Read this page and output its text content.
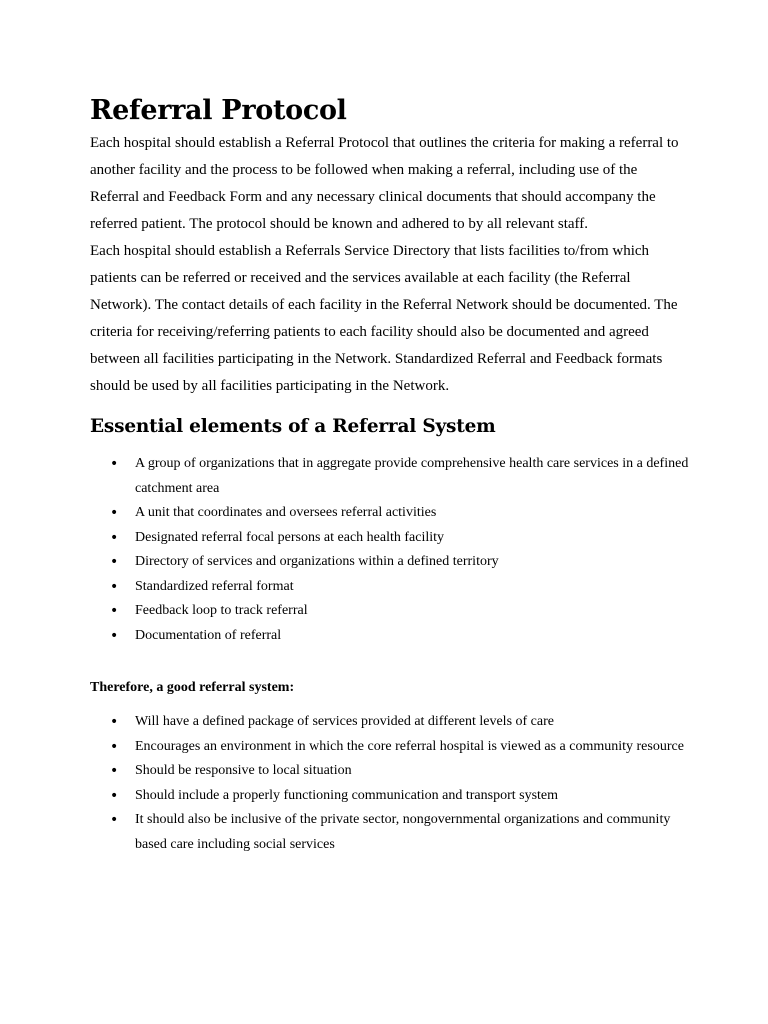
Referral Protocol

Each hospital should establish a Referral Protocol that outlines the criteria for making a referral to another facility and the process to be followed when making a referral, including use of the Referral and Feedback Form and any necessary clinical documents that should accompany the referred patient. The protocol should be known and adhered to by all relevant staff.

Each hospital should establish a Referrals Service Directory that lists facilities to/from which patients can be referred or received and the services available at each facility (the Referral Network). The contact details of each facility in the Referral Network should be documented. The criteria for receiving/referring patients to each facility should also be documented and agreed between all facilities participating in the Network. Standardized Referral and Feedback formats should be used by all facilities participating in the Network.

Essential elements of a Referral System
• A group of organizations that in aggregate provide comprehensive health care services in a defined catchment area
• A unit that coordinates and oversees referral activities
• Designated referral focal persons at each health facility
• Directory of services and organizations within a defined territory
• Standardized referral format
• Feedback loop to track referral
• Documentation of referral

Therefore, a good referral system:

• Will have a defined package of services provided at different levels of care
• Encourages an environment in which the core referral hospital is viewed as a community resource
• Should be responsive to local situation
• Should include a properly functioning communication and transport system
• It should also be inclusive of the private sector, nongovernmental organizations and community based care including social services
